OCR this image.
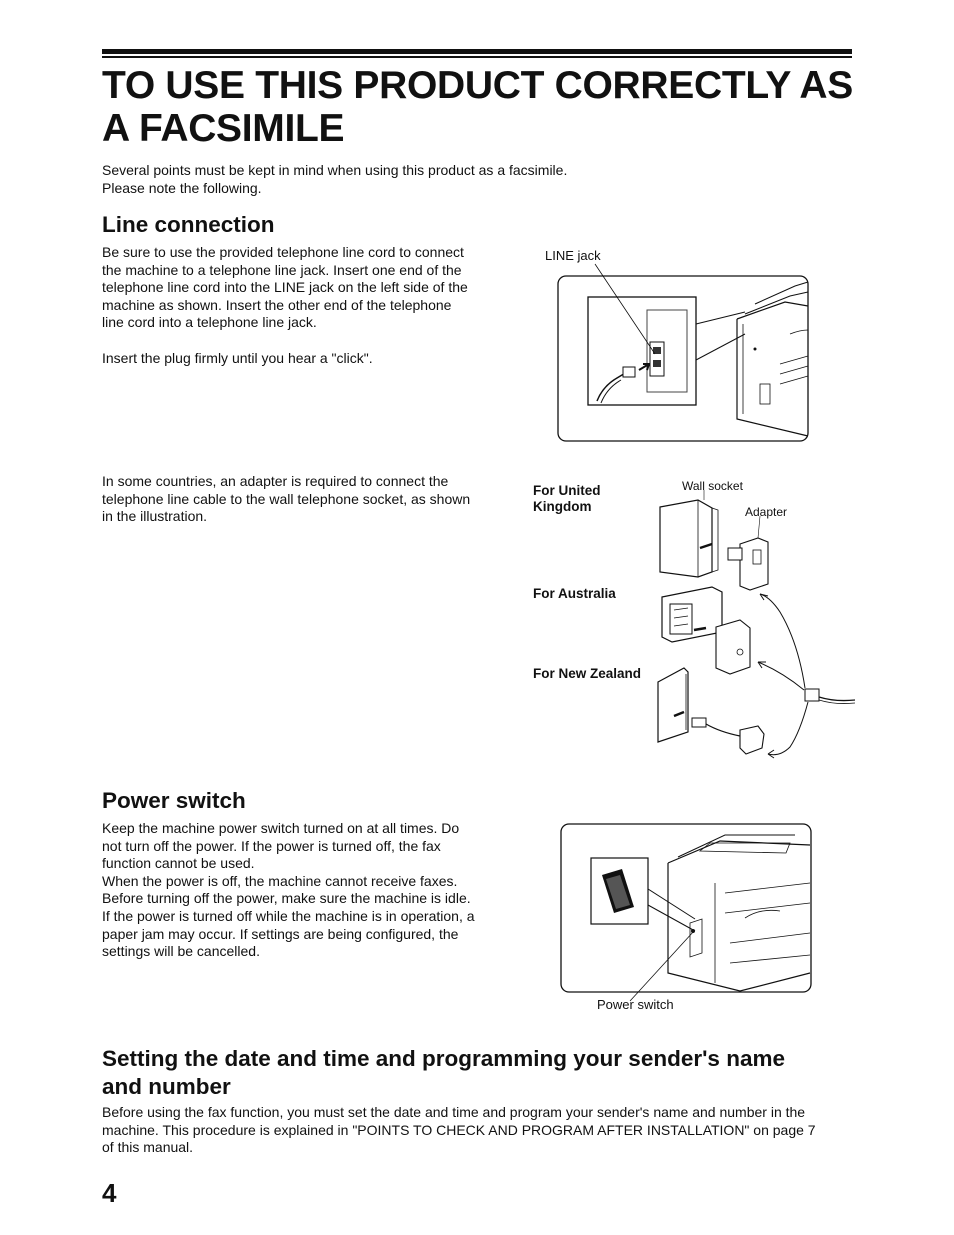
TO USE THIS PRODUCT CORRECTLY AS
A FACSIMILE
Several points must be kept in mind when using this product as a facsimile.
Please note the following.
Line connection
Be sure to use the provided telephone line cord to connect
the machine to a telephone line jack. Insert one end of the
telephone line cord into the LINE jack on the left side of the
machine as shown. Insert the other end of the telephone
line cord into a telephone line jack.
Insert the plug firmly until you hear a "click".
LINE jack
In some countries, an adapter is required to connect the
telephone line cable to the wall telephone socket, as shown
in the illustration.
For United
Kingdom
For Australia
For New Zealand
Wall socket
Adapter
Power switch
Keep the machine power switch turned on at all times. Do
not turn off the power. If the power is turned off, the fax
function cannot be used.
When the power is off, the machine cannot receive faxes.
Before turning off the power, make sure the machine is idle.
If the power is turned off while the machine is in operation, a
paper jam may occur. If settings are being configured, the
settings will be cancelled.
Power switch
Setting the date and time and programming your sender's name
and number
Before using the fax function, you must set the date and time and program your sender's name and number in the
machine. This procedure is explained in "POINTS TO CHECK AND PROGRAM AFTER INSTALLATION" on page 7
of this manual.
4
